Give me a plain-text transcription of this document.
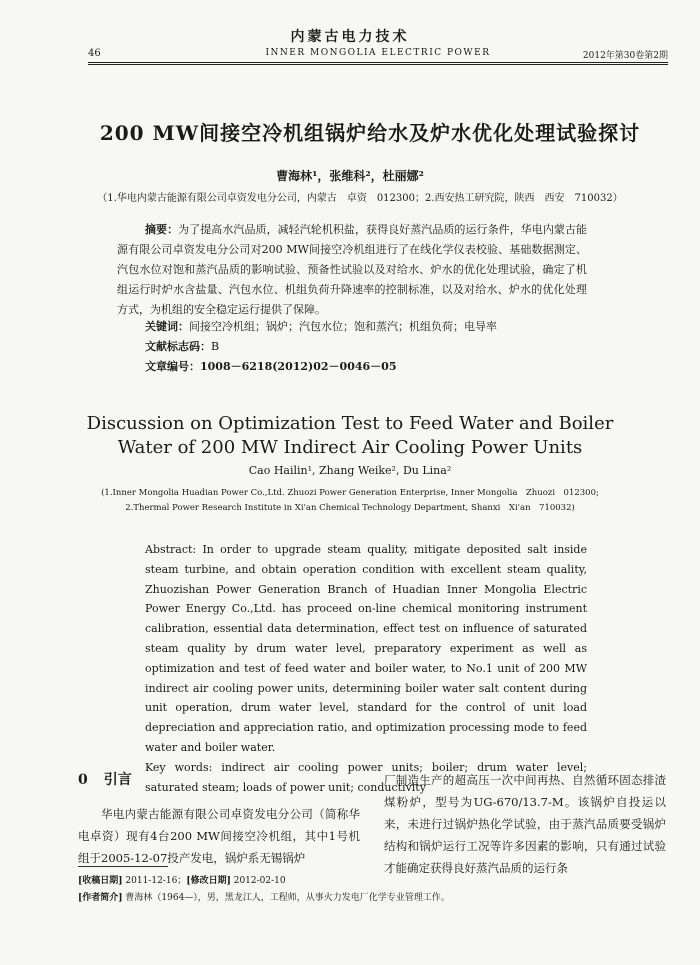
内蒙古电力技术
46	INNER MONGOLIA ELECTRIC POWER	2012年第30卷第2期
200 MW间接空冷机组锅炉给水及炉水优化处理试验探讨
曹海林¹，张维科²，杜丽娜²
（1.华电内蒙古能源有限公司卓资发电分公司，内蒙古　卓资　012300；2.西安热工研究院，陕西　西安　710032）
摘要：为了提高水汽品质，减轻汽轮机积盐，获得良好蒸汽品质的运行条件，华电内蒙古能源有限公司卓资发电分公司对200 MW间接空冷机组进行了在线化学仪表校验、基础数据测定、汽包水位对饱和蒸汽品质的影响试验、预备性试验以及对给水、炉水的优化处理试验，确定了机组运行时炉水含盐量、汽包水位、机组负荷升降速率的控制标准，以及对给水、炉水的优化处理方式，为机组的安全稳定运行提供了保障。
关键词：间接空冷机组；锅炉；汽包水位；饱和蒸汽；机组负荷；电导率
文献标志码：B
文章编号：1008－6218(2012)02－0046－05
Discussion on Optimization Test to Feed Water and Boiler Water of 200 MW Indirect Air Cooling Power Units
Cao Hailin¹, Zhang Weike², Du Lina²
(1.Inner Mongolia Huadian Power Co.,Ltd. Zhuozi Power Generation Enterprise, Inner Mongolia　Zhuozi　012300;
2.Thermal Power Research Institute in Xi'an Chemical Technology Department, Shanxi　Xi'an　710032)
Abstract: In order to upgrade steam quality, mitigate deposited salt inside steam turbine, and obtain operation condition with excellent steam quality, Zhuozishan Power Generation Branch of Huadian Inner Mongolia Electric Power Energy Co.,Ltd. has proceed on-line chemical monitoring instrument calibration, essential data determination, effect test on influence of saturated steam quality by drum water level, preparatory experiment as well as optimization and test of feed water and boiler water, to No.1 unit of 200 MW indirect air cooling power units, determining boiler water salt content during unit operation, drum water level, standard for the control of unit load depreciation and appreciation ratio, and optimization processing mode to feed water and boiler water.
Key words: indirect air cooling power units; boiler; drum water level; saturated steam; loads of power unit; conductivity
0 引言
华电内蒙古能源有限公司卓资发电分公司（简称华电卓资）现有4台200 MW间接空冷机组，其中1号机组于2005-12-07投产发电，锅炉系无锡锅炉
厂制造生产的超高压一次中间再热、自然循环固态排渣煤粉炉，型号为UG-670/13.7-M。该锅炉自投运以来，未进行过锅炉热化学试验，由于蒸汽品质要受锅炉结构和锅炉运行工况等许多因素的影响，只有通过试验才能确定获得良好蒸汽品质的运行条
[收稿日期] 2011-12-16；[修改日期] 2012-02-10
[作者简介] 曹海林（1964—），男，黑龙江人，工程师，从事火力发电厂化学专业管理工作。
